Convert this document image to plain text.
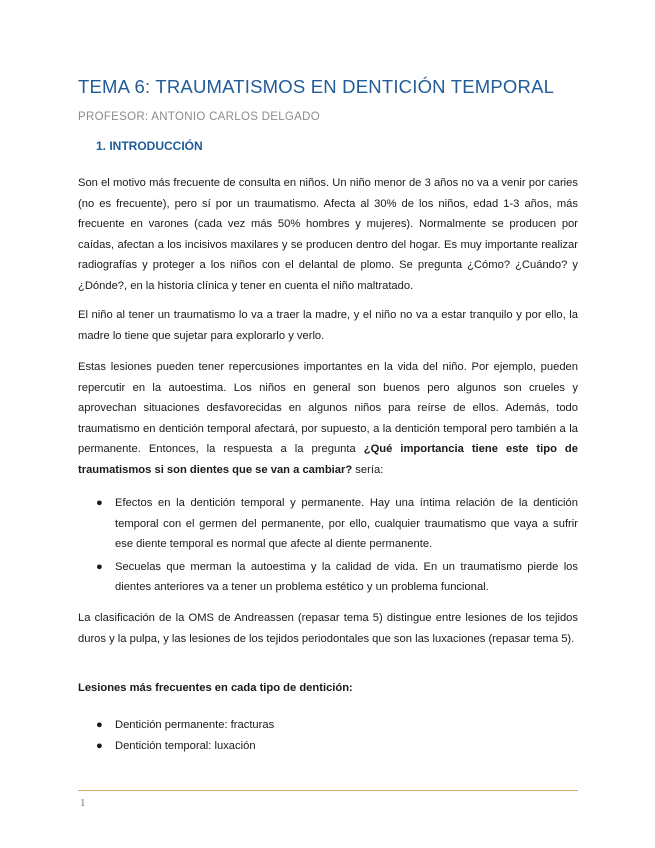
TEMA 6: TRAUMATISMOS EN DENTICIÓN TEMPORAL

PROFESOR: ANTONIO CARLOS DELGADO

1. INTRODUCCIÓN

Son el motivo más frecuente de consulta en niños. Un niño menor de 3 años no va a venir por caries (no es frecuente), pero sí por un traumatismo. Afecta al 30% de los niños, edad 1-3 años, más frecuente en varones (cada vez más 50% hombres y mujeres). Normalmente se producen por caídas, afectan a los incisivos maxilares y se producen dentro del hogar. Es muy importante realizar radiografías y proteger a los niños con el delantal de plomo. Se pregunta ¿Cómo? ¿Cuándo? y ¿Dónde?, en la historia clínica y tener en cuenta el niño maltratado.

El niño al tener un traumatismo lo va a traer la madre, y el niño no va a estar tranquilo y por ello, la madre lo tiene que sujetar para explorarlo y verlo.

Estas lesiones pueden tener repercusiones importantes en la vida del niño. Por ejemplo, pueden repercutir en la autoestima. Los niños en general son buenos pero algunos son crueles y aprovechan situaciones desfavorecidas en algunos niños para reírse de ellos. Además, todo traumatismo en dentición temporal afectará, por supuesto, a la dentición temporal pero también a la permanente. Entonces, la respuesta a la pregunta ¿Qué importancia tiene este tipo de traumatismos si son dientes que se van a cambiar? sería:

● Efectos en la dentición temporal y permanente. Hay una íntima relación de la dentición temporal con el germen del permanente, por ello, cualquier traumatismo que vaya a sufrir ese diente temporal es normal que afecte al diente permanente.
● Secuelas que merman la autoestima y la calidad de vida. En un traumatismo pierde los dientes anteriores va a tener un problema estético y un problema funcional.

La clasificación de la OMS de Andreassen (repasar tema 5) distingue entre lesiones de los tejidos duros y la pulpa, y las lesiones de los tejidos periodontales que son las luxaciones (repasar tema 5).

Lesiones más frecuentes en cada tipo de dentición:

● Dentición permanente: fracturas
● Dentición temporal: luxación
1
